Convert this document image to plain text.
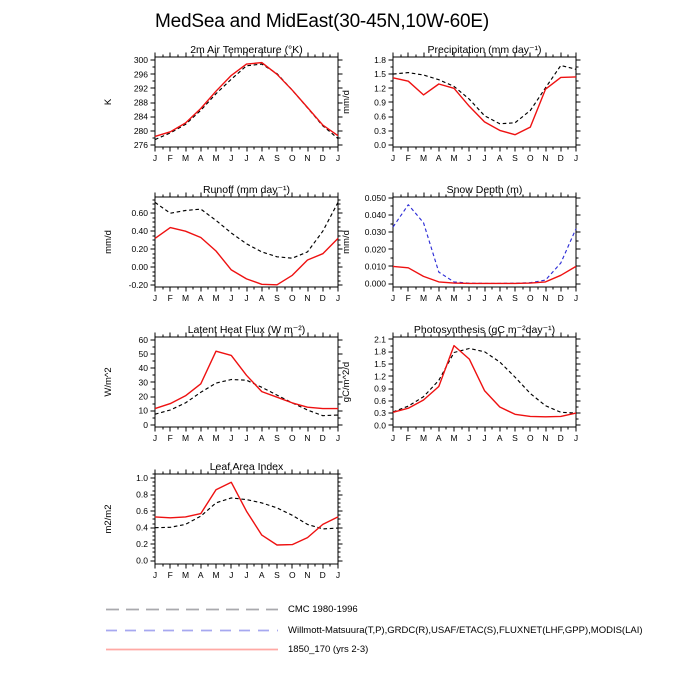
MedSea and MidEast(30-45N,10W-60E)
J F M A M J J A S O N D J
276
280
284
288
292
296
300
2m Air Temperature (°K)
K
J F M A M J J A S O N D J
0.0
0.3
0.6
0.9
1.2
1.5
1.8
Precipitation (mm day⁻¹)
mm/d
J F M A M J J A S O N D J
-0.20
0.00
0.20
0.40
0.60
Runoff (mm day⁻¹)
mm/d
J F M A M J J A S O N D J
0.000
0.010
0.020
0.030
0.040
0.050
Snow Depth (m)
mm/d
J F M A M J J A S O N D J
0
10
20
30
40
50
60
Latent Heat Flux (W m⁻²)
W/m^2
J F M A M J J A S O N D J
0.0
0.3
0.6
0.9
1.2
1.5
1.8
2.1
Photosynthesis (gC m⁻²day⁻¹)
gC/m^2/d
J F M A M J J A S O N D J
0.0
0.2
0.4
0.6
0.8
1.0
Leaf Area Index
m2/m2
CMC 1980-1996
Willmott-Matsuura(T,P),GRDC(R),USAF/ETAC(S),FLUXNET(LHF,GPP),MODIS(LAI)
1850_170 (yrs 2-3)
